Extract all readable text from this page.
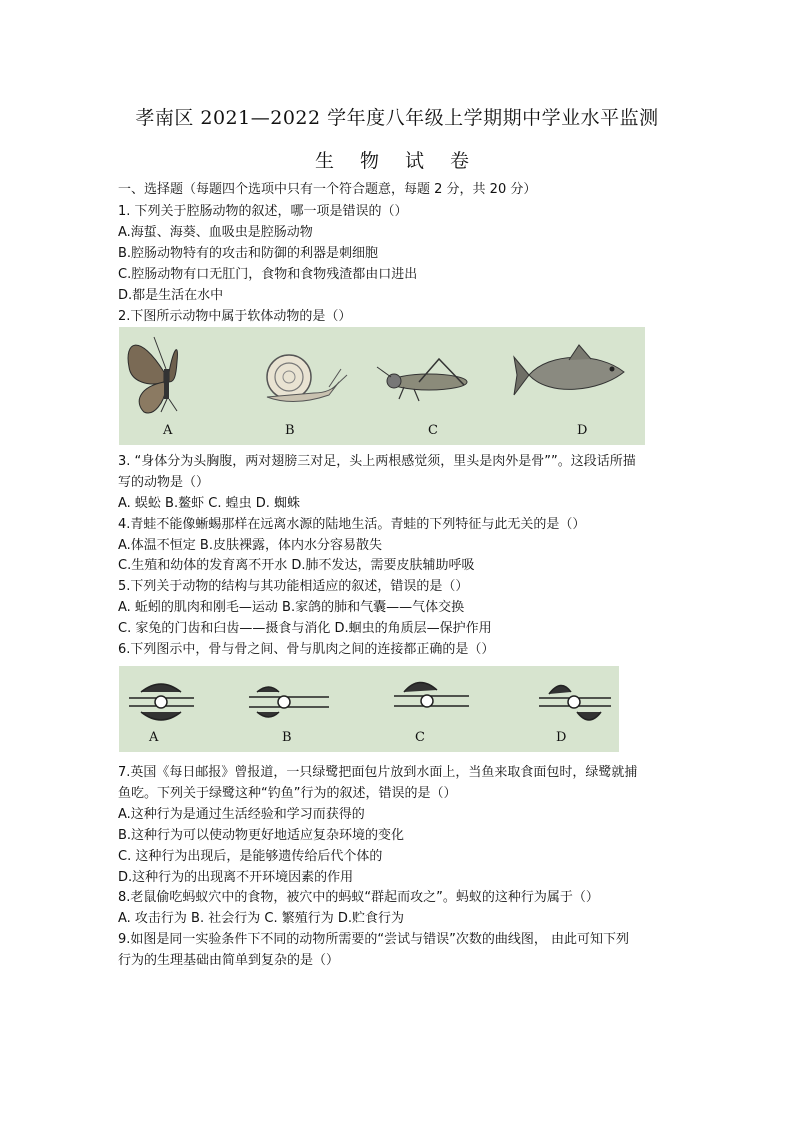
孝南区 2021—2022 学年度八年级上学期期中学业水平监测
生 物 试 卷
一、选择题（每题四个选项中只有一个符合题意，每题 2 分，共 20 分）
1. 下列关于腔肠动物的叙述，哪一项是错误的（）
A.海蜇、海葵、血吸虫是腔肠动物
B.腔肠动物特有的攻击和防御的利器是刺细胞
C.腔肠动物有口无肛门，食物和食物残渣都由口进出
D.都是生活在水中
2.下图所示动物中属于软体动物的是（）
A	B	C	D
3. “身体分为头胸腹，两对翅膀三对足，头上两根感觉须，里头是肉外是骨””。这段话所描
写的动物是（）
A. 蜈蚣 B.鳌虾 C. 蝗虫 D. 蜘蛛
4.青蛙不能像蜥蜴那样在远离水源的陆地生活。青蛙的下列特征与此无关的是（）
A.体温不恒定 B.皮肤裸露，体内水分容易散失
C.生殖和幼体的发育离不开水 D.肺不发达，需要皮肤辅助呼吸
5.下列关于动物的结构与其功能相适应的叙述，错误的是（）
A. 蚯蚓的肌肉和刚毛—运动 B.家鸽的肺和气囊——气体交换
C. 家兔的门齿和臼齿——摄食与消化 D.蛔虫的角质层—保护作用
6.下列图示中，骨与骨之间、骨与肌肉之间的连接都正确的是（）
A	B	C	D
7.英国《每日邮报》曾报道，一只绿鹭把面包片放到水面上，当鱼来取食面包时，绿鹭就捕
鱼吃。下列关于绿鹭这种“钓鱼”行为的叙述，错误的是（）
A.这种行为是通过生活经验和学习而获得的
B.这种行为可以使动物更好地适应复杂环境的变化
C. 这种行为出现后，是能够遗传给后代个体的
D.这种行为的出现离不开环境因素的作用
8.老鼠偷吃蚂蚁穴中的食物，被穴中的蚂蚁“群起而攻之”。蚂蚁的这种行为属于（）
A. 攻击行为 B. 社会行为 C. 繁殖行为 D.贮食行为
9.如图是同一实验条件下不同的动物所需要的“尝试与错误”次数的曲线图， 由此可知下列
行为的生理基础由简单到复杂的是（）
